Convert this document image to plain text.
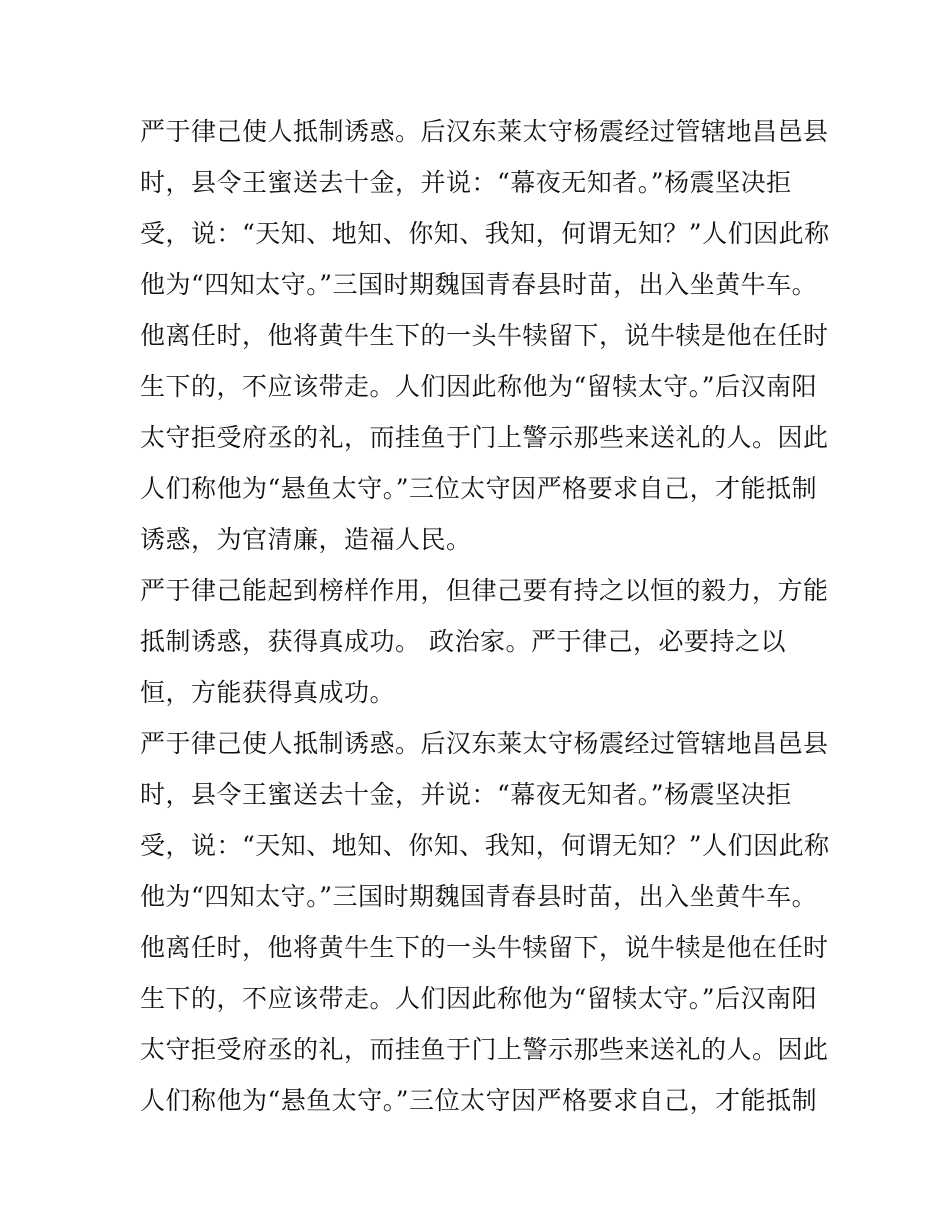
严于律己使人抵制诱惑。后汉东莱太守杨震经过管辖地昌邑县
时，县令王蜜送去十金，并说：“幕夜无知者。”杨震坚决拒
受，说：“天知、地知、你知、我知，何谓无知？”人们因此称
他为“四知太守。”三国时期魏国青春县时苗，出入坐黄牛车。
他离任时，他将黄牛生下的一头牛犊留下，说牛犊是他在任时
生下的，不应该带走。人们因此称他为“留犊太守。”后汉南阳
太守拒受府丞的礼，而挂鱼于门上警示那些来送礼的人。因此
人们称他为“悬鱼太守。”三位太守因严格要求自己，才能抵制
诱惑，为官清廉，造福人民。
严于律己能起到榜样作用，但律己要有持之以恒的毅力，方能
抵制诱惑，获得真成功。 政治家。严于律己，必要持之以
恒，方能获得真成功。
严于律己使人抵制诱惑。后汉东莱太守杨震经过管辖地昌邑县
时，县令王蜜送去十金，并说：“幕夜无知者。”杨震坚决拒
受，说：“天知、地知、你知、我知，何谓无知？”人们因此称
他为“四知太守。”三国时期魏国青春县时苗，出入坐黄牛车。
他离任时，他将黄牛生下的一头牛犊留下，说牛犊是他在任时
生下的，不应该带走。人们因此称他为“留犊太守。”后汉南阳
太守拒受府丞的礼，而挂鱼于门上警示那些来送礼的人。因此
人们称他为“悬鱼太守。”三位太守因严格要求自己，才能抵制
